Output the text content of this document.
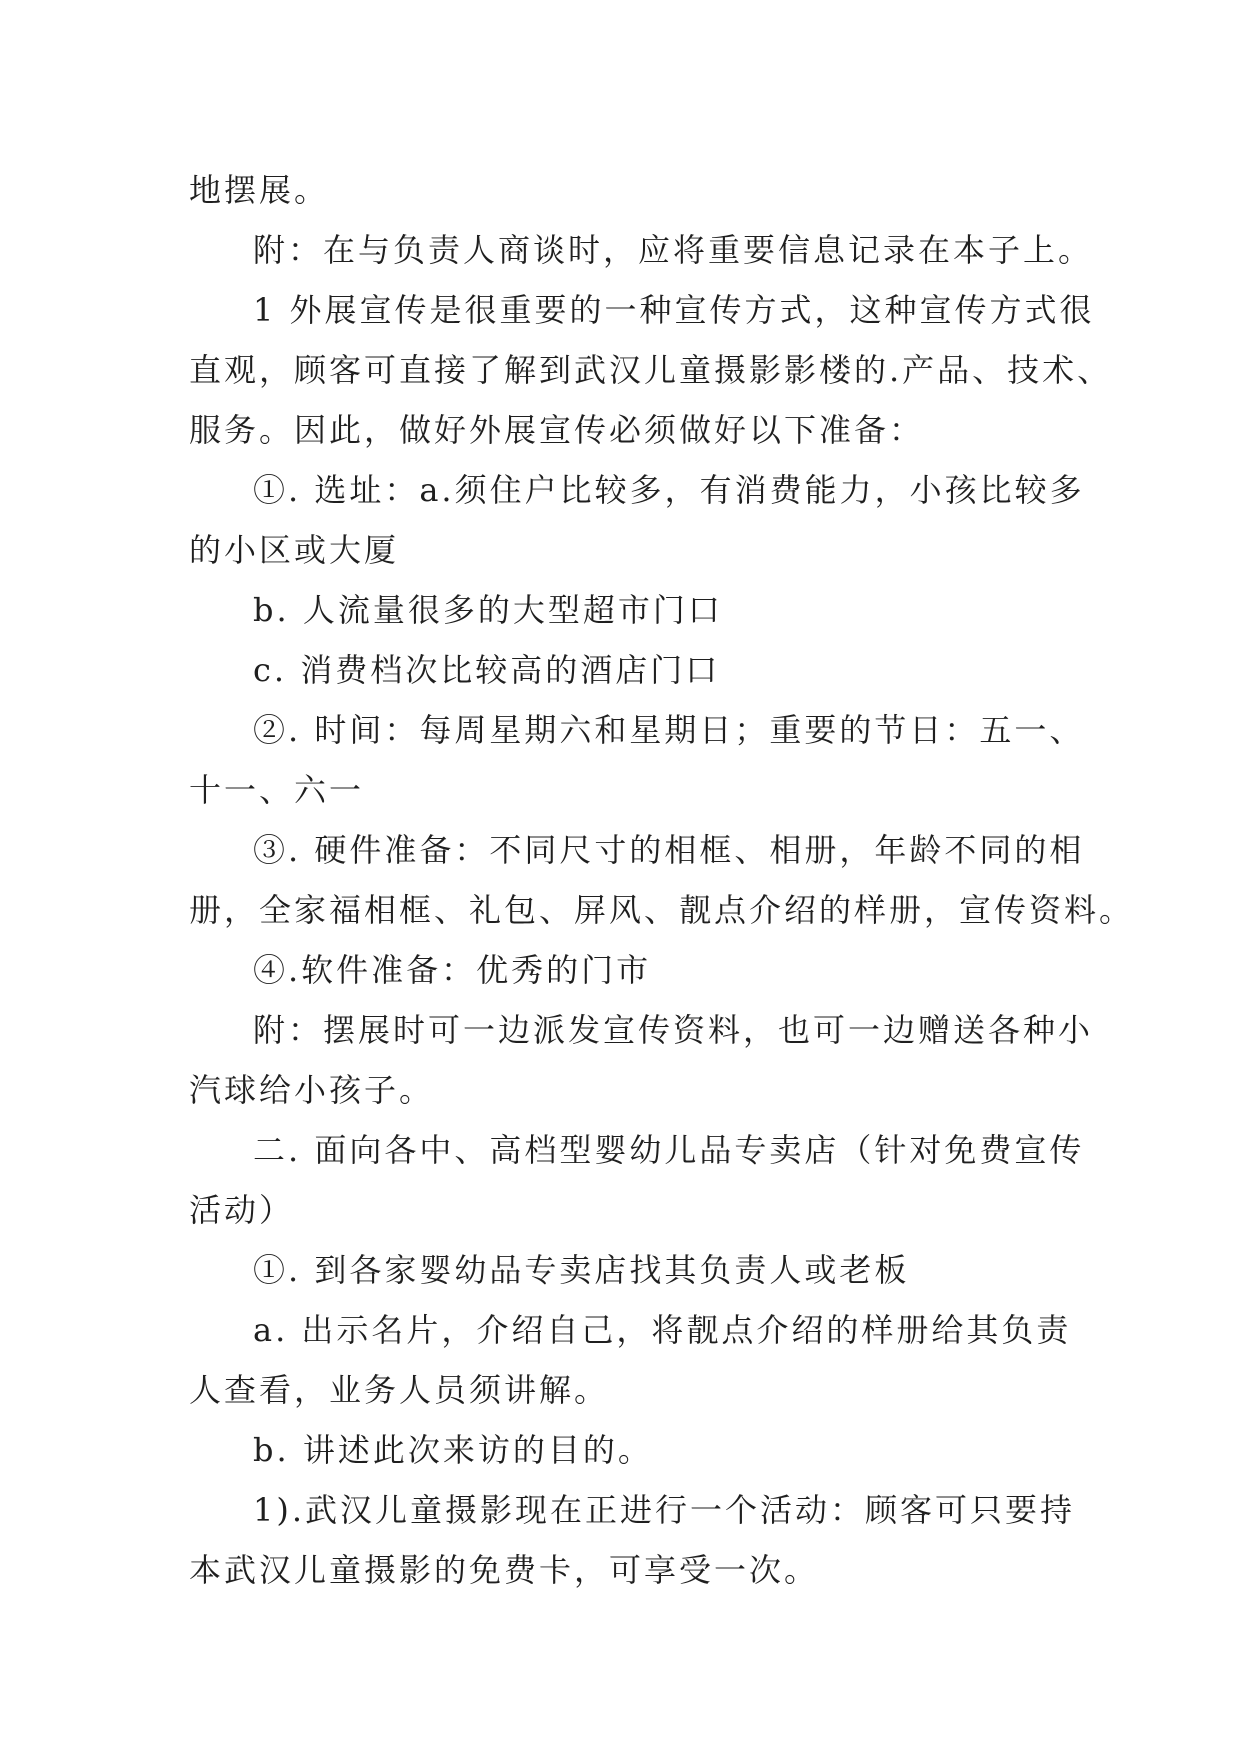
地摆展。
附：在与负责人商谈时，应将重要信息记录在本子上。
1 外展宣传是很重要的一种宣传方式，这种宣传方式很
直观，顾客可直接了解到武汉儿童摄影影楼的.产品、技术、
服务。因此，做好外展宣传必须做好以下准备：
①. 选址：a.须住户比较多，有消费能力，小孩比较多
的小区或大厦
b. 人流量很多的大型超市门口
c. 消费档次比较高的酒店门口
②. 时间：每周星期六和星期日；重要的节日：五一、
十一、六一
③. 硬件准备：不同尺寸的相框、相册，年龄不同的相
册，全家福相框、礼包、屏风、靓点介绍的样册，宣传资料。
④.软件准备：优秀的门市
附：摆展时可一边派发宣传资料，也可一边赠送各种小
汽球给小孩子。
二. 面向各中、高档型婴幼儿品专卖店（针对免费宣传
活动）
①. 到各家婴幼品专卖店找其负责人或老板
a. 出示名片，介绍自己，将靓点介绍的样册给其负责
人查看，业务人员须讲解。
b. 讲述此次来访的目的。
1).武汉儿童摄影现在正进行一个活动：顾客可只要持
本武汉儿童摄影的免费卡，可享受一次。
